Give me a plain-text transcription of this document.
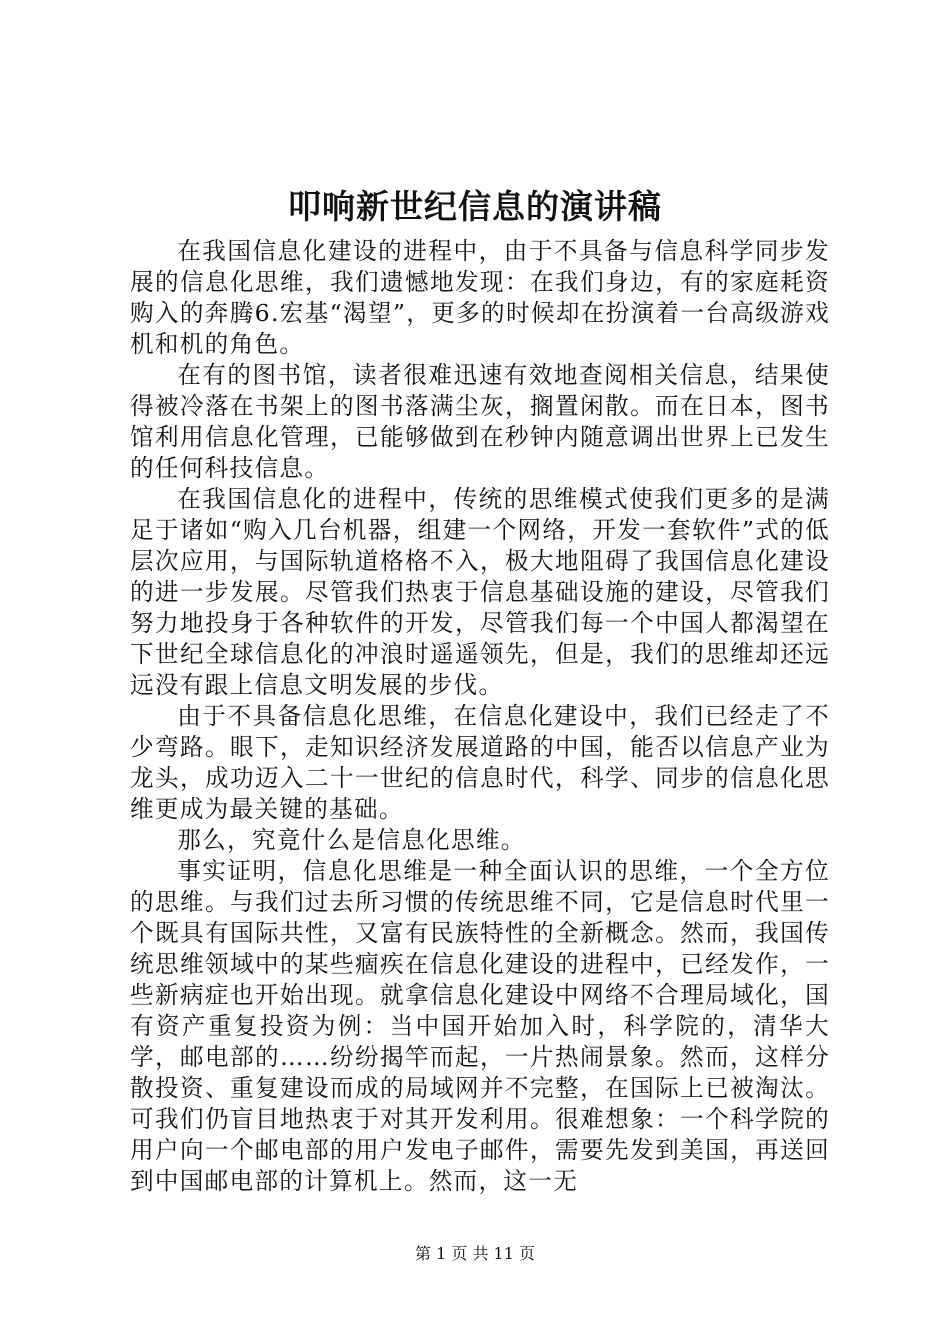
叩响新世纪信息的演讲稿

在我国信息化建设的进程中，由于不具备与信息科学同步发展的信息化思维，我们遗憾地发现：在我们身边，有的家庭耗资购入的奔腾6.宏基“渴望”，更多的时候却在扮演着一台高级游戏机和机的角色。

在有的图书馆，读者很难迅速有效地查阅相关信息，结果使得被冷落在书架上的图书落满尘灰，搁置闲散。而在日本，图书馆利用信息化管理，已能够做到在秒钟内随意调出世界上已发生的任何科技信息。

在我国信息化的进程中，传统的思维模式使我们更多的是满足于诸如“购入几台机器，组建一个网络，开发一套软件”式的低层次应用，与国际轨道格格不入，极大地阻碍了我国信息化建设的进一步发展。尽管我们热衷于信息基础设施的建设，尽管我们努力地投身于各种软件的开发，尽管我们每一个中国人都渴望在下世纪全球信息化的冲浪时遥遥领先，但是，我们的思维却还远远没有跟上信息文明发展的步伐。

由于不具备信息化思维，在信息化建设中，我们已经走了不少弯路。眼下，走知识经济发展道路的中国，能否以信息产业为龙头，成功迈入二十一世纪的信息时代，科学、同步的信息化思维更成为最关键的基础。

那么，究竟什么是信息化思维。

事实证明，信息化思维是一种全面认识的思维，一个全方位的思维。与我们过去所习惯的传统思维不同，它是信息时代里一个既具有国际共性，又富有民族特性的全新概念。然而，我国传统思维领域中的某些痼疾在信息化建设的进程中，已经发作，一些新病症也开始出现。就拿信息化建设中网络不合理局域化，国有资产重复投资为例：当中国开始加入时，科学院的，清华大学，邮电部的……纷纷揭竿而起，一片热闹景象。然而，这样分散投资、重复建设而成的局域网并不完整，在国际上已被淘汰。可我们仍盲目地热衷于对其开发利用。很难想象：一个科学院的用户向一个邮电部的用户发电子邮件，需要先发到美国，再送回到中国邮电部的计算机上。然而，这一无

第 1 页 共 11 页
